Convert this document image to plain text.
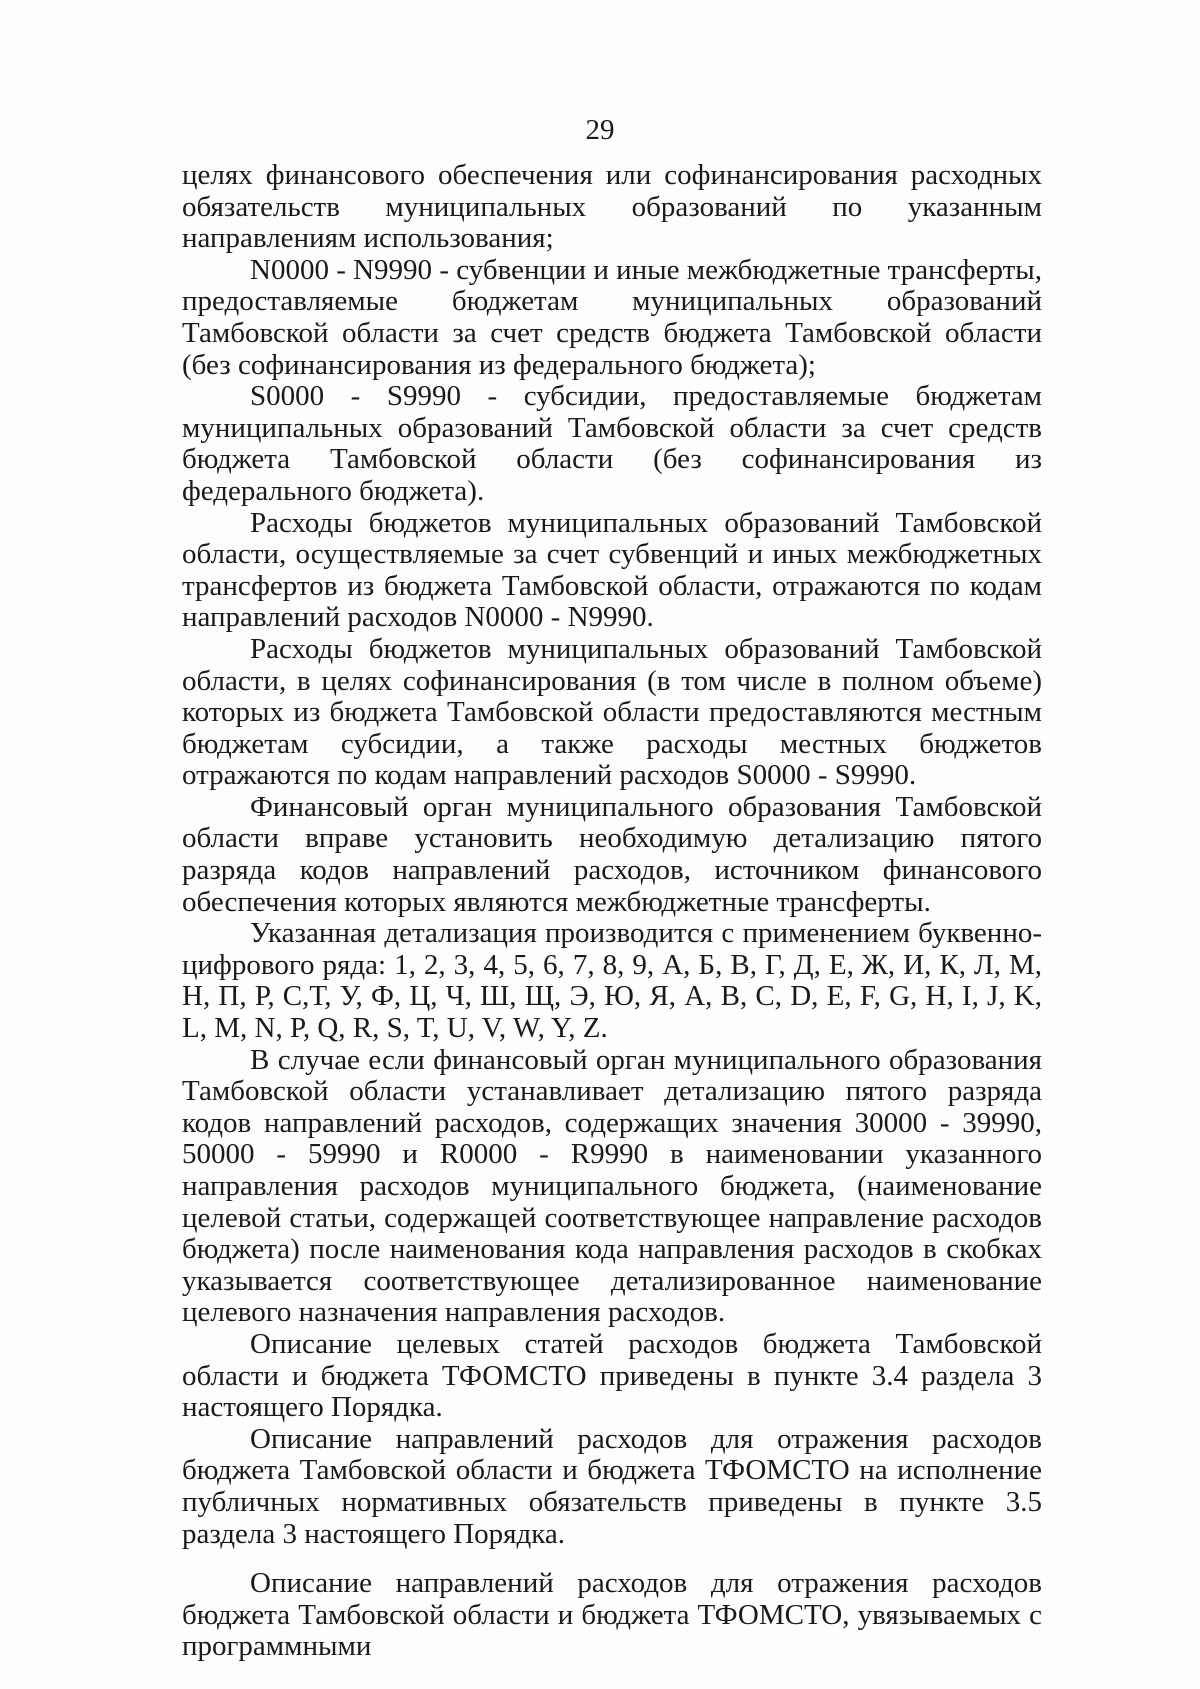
29

целях финансового обеспечения или софинансирования расходных обязательств муниципальных образований по указанным направлениям использования;

N0000 - N9990 - субвенции и иные межбюджетные трансферты, предоставляемые бюджетам муниципальных образований Тамбовской области за счет средств бюджета Тамбовской области (без софинансирования из федерального бюджета);

S0000 - S9990 - субсидии, предоставляемые бюджетам муниципальных образований Тамбовской области за счет средств бюджета Тамбовской области (без софинансирования из федерального бюджета).

Расходы бюджетов муниципальных образований Тамбовской области, осуществляемые за счет субвенций и иных межбюджетных трансфертов из бюджета Тамбовской области, отражаются по кодам направлений расходов N0000 - N9990.

Расходы бюджетов муниципальных образований Тамбовской области, в целях софинансирования (в том числе в полном объеме) которых из бюджета Тамбовской области предоставляются местным бюджетам субсидии, а также расходы местных бюджетов отражаются по кодам направлений расходов S0000 - S9990.

Финансовый орган муниципального образования Тамбовской области вправе установить необходимую детализацию пятого разряда кодов направлений расходов, источником финансового обеспечения которых являются межбюджетные трансферты.

Указанная детализация производится с применением буквенно-цифрового ряда: 1, 2, 3, 4, 5, 6, 7, 8, 9, А, Б, В, Г, Д, Е, Ж, И, К, Л, М, Н, П, Р, С,Т, У, Ф, Ц, Ч, Ш, Щ, Э, Ю, Я, A, B, C, D, E, F, G, H, I, J, K, L, M, N, P, Q, R, S, T, U, V, W, Y, Z.

В случае если финансовый орган муниципального образования Тамбовской области устанавливает детализацию пятого разряда кодов направлений расходов, содержащих значения 30000 - 39990, 50000 - 59990 и R0000 - R9990 в наименовании указанного направления расходов муниципального бюджета, (наименование целевой статьи, содержащей соответствующее направление расходов бюджета) после наименования кода направления расходов в скобках указывается соответствующее детализированное наименование целевого назначения направления расходов.

Описание целевых статей расходов бюджета Тамбовской области и бюджета ТФОМСТО приведены в пункте 3.4 раздела 3 настоящего Порядка.

Описание направлений расходов для отражения расходов бюджета Тамбовской области и бюджета ТФОМСТО на исполнение публичных нормативных обязательств приведены в пункте 3.5 раздела 3 настоящего Порядка.

Описание направлений расходов для отражения расходов бюджета Тамбовской области и бюджета ТФОМСТО, увязываемых с программными
